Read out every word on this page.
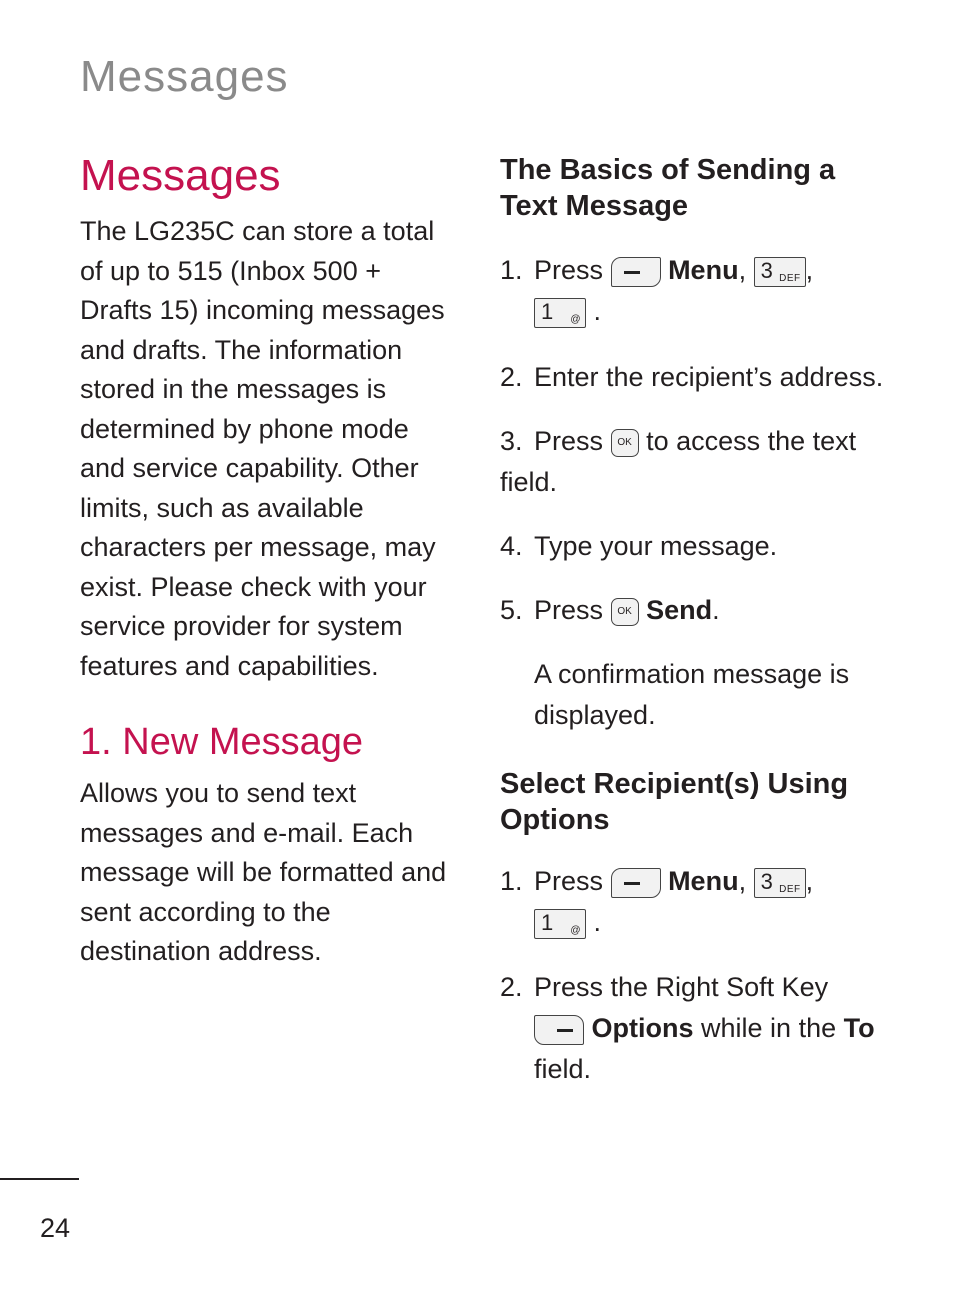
Messages
Messages

The LG235C can store a total of up to 515 (Inbox 500 + Drafts 15) incoming messages and drafts. The information stored in the messages is determined by phone mode and service capability. Other limits, such as available characters per message, may exist. Please check with your service provider for system features and capabilities.

1. New Message

Allows you to send text messages and e-mail. Each message will be formatted and sent according to the destination address.

The Basics of Sending a Text Message

1. Press Menu, 3 DEF ,
1 @ .
2. Enter the recipient’s address.
3. Press OK to access the text field.
4. Type your message.
5. Press OK Send.
A confirmation message is displayed.

Select Recipient(s) Using Options

1. Press Menu, 3 DEF ,
1 @ .
2. Press the Right Soft Key
Options while in the To field.
24
